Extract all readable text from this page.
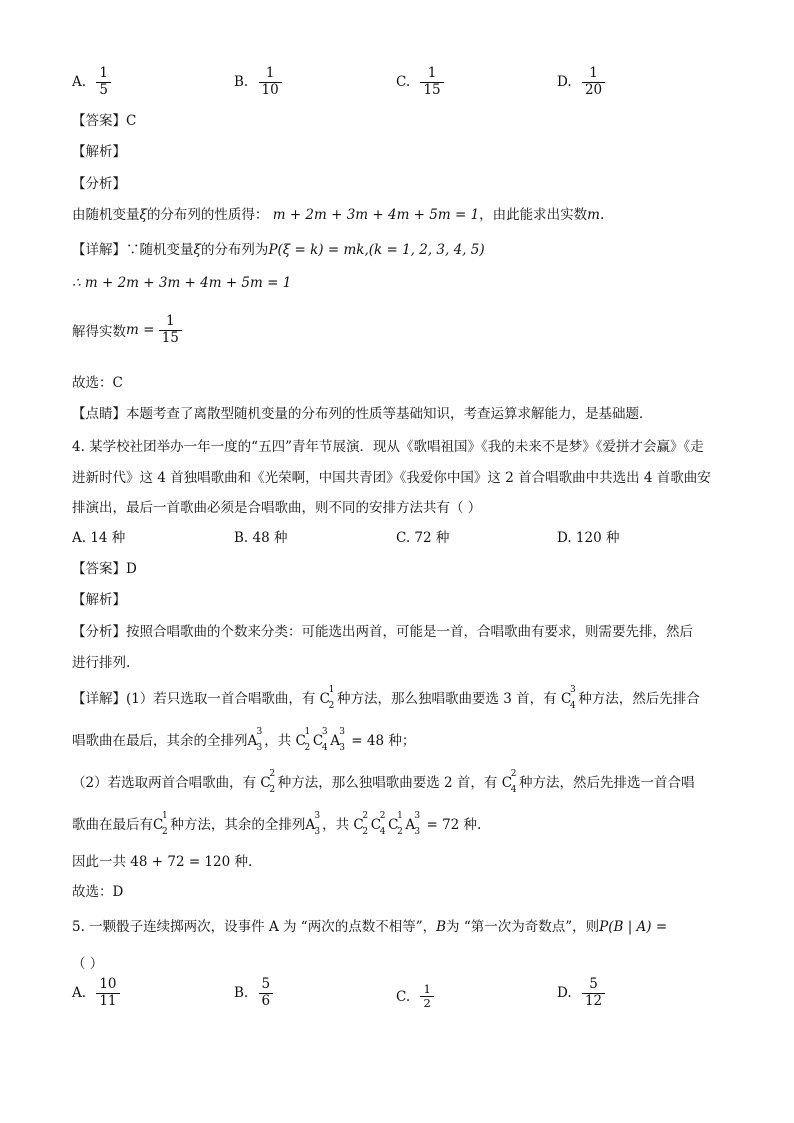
A. $\frac{1}{5}$	B. $\frac{1}{10}$	C. $\frac{1}{15}$	D. $\frac{1}{20}$
【答案】C
【解析】
【分析】
由随机变量ξ的分布列的性质得： m + 2m + 3m + 4m + 5m = 1，由此能求出实数m.
【详解】∵随机变量ξ的分布列为P(ξ = k) = mk,(k = 1, 2, 3, 4, 5)
∴ m + 2m + 3m + 4m + 5m = 1
解得实数$m = \frac{1}{15}$
故选：C
【点睛】本题考查了离散型随机变量的分布列的性质等基础知识，考查运算求解能力，是基础题．
4. 某学校社团举办一年一度的“五四”青年节展演．现从《歌唱祖国》《我的未来不是梦》《爱拼才会赢》《走
进新时代》这 4 首独唱歌曲和《光荣啊，中国共青团》《我爱你中国》这 2 首合唱歌曲中共选出 4 首歌曲安
排演出，最后一首歌曲必须是合唱歌曲，则不同的安排方法共有（ ）
A. 14 种	B. 48 种	C. 72 种	D. 120 种
【答案】D
【解析】
【分析】按照合唱歌曲的个数来分类：可能选出两首，可能是一首，合唱歌曲有要求，则需要先排，然后
进行排列.
【详解】(1）若只选取一首合唱歌曲，有 C
1
2 种方法，那么独唱歌曲要选 3 首，有 C
3
4 种方法，然后先排合
唱歌曲在最后，其余的全排列A
3
3 ，共 C
1
2 C
3
4 A
3
3 = 48 种；
（2）若选取两首合唱歌曲，有 C
2
2 种方法，那么独唱歌曲要选 2 首，有 C
2
4 种方法，然后先排选一首合唱
歌曲在最后有C
1
2 种方法，其余的全排列A
3
3 ，共 C
2
2 C
2
4 C
1
2 A
3
3 = 72 种.
因此一共 48 + 72 = 120 种.
故选：D
5. 一颗骰子连续掷两次，设事件 A 为 “两次的点数不相等”，B为 “第一次为奇数点”，则P(B | A) =
（ ）
A. $\frac{10}{11}$	B. $\frac{5}{6}$	C. $\frac{1}{2}$	D. $\frac{5}{12}$
